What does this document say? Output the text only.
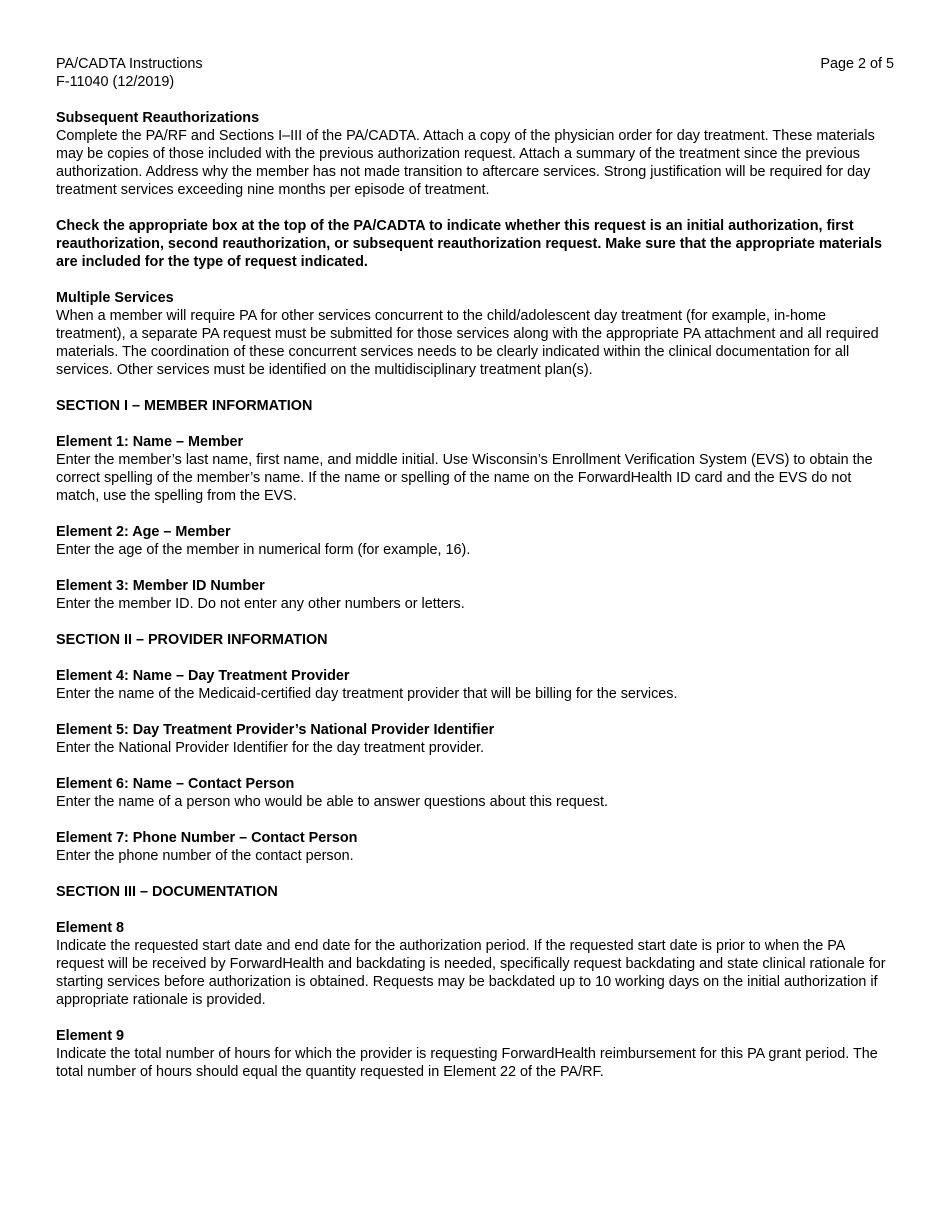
PA/CADTA Instructions
F-11040 (12/2019)
Page 2 of 5
Subsequent Reauthorizations

Complete the PA/RF and Sections I–III of the PA/CADTA. Attach a copy of the physician order for day treatment. These materials may be copies of those included with the previous authorization request. Attach a summary of the treatment since the previous authorization. Address why the member has not made transition to aftercare services. Strong justification will be required for day treatment services exceeding nine months per episode of treatment.

Check the appropriate box at the top of the PA/CADTA to indicate whether this request is an initial authorization, first reauthorization, second reauthorization, or subsequent reauthorization request. Make sure that the appropriate materials are included for the type of request indicated.

Multiple Services

When a member will require PA for other services concurrent to the child/adolescent day treatment (for example, in-home treatment), a separate PA request must be submitted for those services along with the appropriate PA attachment and all required materials. The coordination of these concurrent services needs to be clearly indicated within the clinical documentation for all services. Other services must be identified on the multidisciplinary treatment plan(s).

SECTION I – MEMBER INFORMATION
Element 1: Name – Member

Enter the member’s last name, first name, and middle initial. Use Wisconsin’s Enrollment Verification System (EVS) to obtain the correct spelling of the member’s name. If the name or spelling of the name on the ForwardHealth ID card and the EVS do not match, use the spelling from the EVS.

Element 2: Age – Member

Enter the age of the member in numerical form (for example, 16).

Element 3: Member ID Number

Enter the member ID. Do not enter any other numbers or letters.

SECTION II – PROVIDER INFORMATION
Element 4: Name – Day Treatment Provider

Enter the name of the Medicaid-certified day treatment provider that will be billing for the services.

Element 5: Day Treatment Provider’s National Provider Identifier

Enter the National Provider Identifier for the day treatment provider.

Element 6: Name – Contact Person

Enter the name of a person who would be able to answer questions about this request.

Element 7: Phone Number – Contact Person

Enter the phone number of the contact person.

SECTION III – DOCUMENTATION
Element 8

Indicate the requested start date and end date for the authorization period. If the requested start date is prior to when the PA request will be received by ForwardHealth and backdating is needed, specifically request backdating and state clinical rationale for starting services before authorization is obtained. Requests may be backdated up to 10 working days on the initial authorization if appropriate rationale is provided.

Element 9

Indicate the total number of hours for which the provider is requesting ForwardHealth reimbursement for this PA grant period. The total number of hours should equal the quantity requested in Element 22 of the PA/RF.
